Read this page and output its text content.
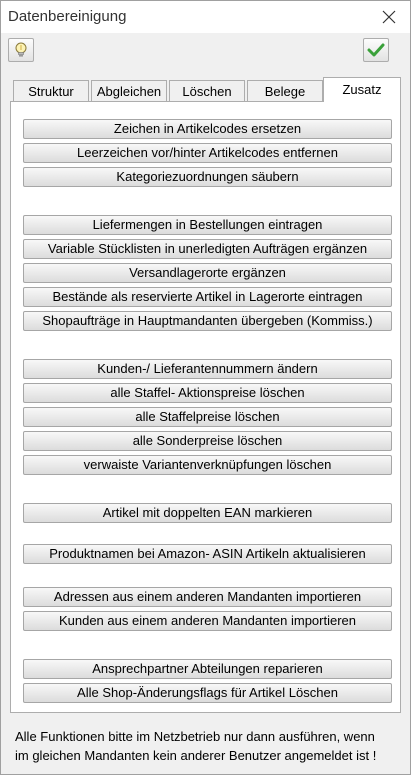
Datenbereinigung
Struktur	Abgleichen	Löschen	Belege	Zusatz
Zeichen in Artikelcodes ersetzen
Leerzeichen vor/hinter Artikelcodes entfernen
Kategoriezuordnungen säubern
Liefermengen in Bestellungen eintragen
Variable Stücklisten in unerledigten Aufträgen ergänzen
Versandlagerorte ergänzen
Bestände als reservierte Artikel in Lagerorte eintragen
Shopaufträge in Hauptmandanten übergeben (Kommiss.)
Kunden-/ Lieferantennummern ändern
alle Staffel- Aktionspreise löschen
alle Staffelpreise löschen
alle Sonderpreise löschen
verwaiste Variantenverknüpfungen löschen
Artikel mit doppelten EAN markieren
Produktnamen bei Amazon- ASIN Artikeln aktualisieren
Adressen aus einem anderen Mandanten importieren
Kunden aus einem anderen Mandanten importieren
Ansprechpartner Abteilungen reparieren
Alle Shop-Änderungsflags für Artikel Löschen
Alle Funktionen bitte im Netzbetrieb nur dann ausführen, wenn
im gleichen Mandanten kein anderer Benutzer angemeldet ist !
